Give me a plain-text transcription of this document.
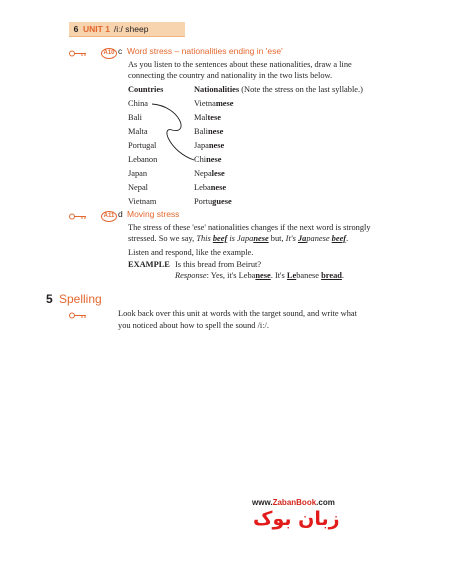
6 UNIT 1 /iː/ sheep
A10 c Word stress – nationalities ending in 'ese'
As you listen to the sentences about these nationalities, draw a line
connecting the country and nationality in the two lists below.
Countries	Nationalities (Note the stress on the last syllable.)
China
Bali
Malta
Portugal
Lebanon
Japan
Nepal
Vietnam
Vietnamese
Maltese
Balinese
Japanese
Chinese
Nepalese
Lebanese
Portuguese
A11 d Moving stress
The stress of these 'ese' nationalities changes if the next word is strongly
stressed. So we say, This beef is Japanese but, It's Japanese beef.
Listen and respond, like the example.
EXAMPLE Is this bread from Beirut?
Response: Yes, it's Lebanese. It's Lebanese bread.
5 Spelling
Look back over this unit at words with the target sound, and write what
you noticed about how to spell the sound /iː/.
www.ZabanBook.com
زبان بوک
